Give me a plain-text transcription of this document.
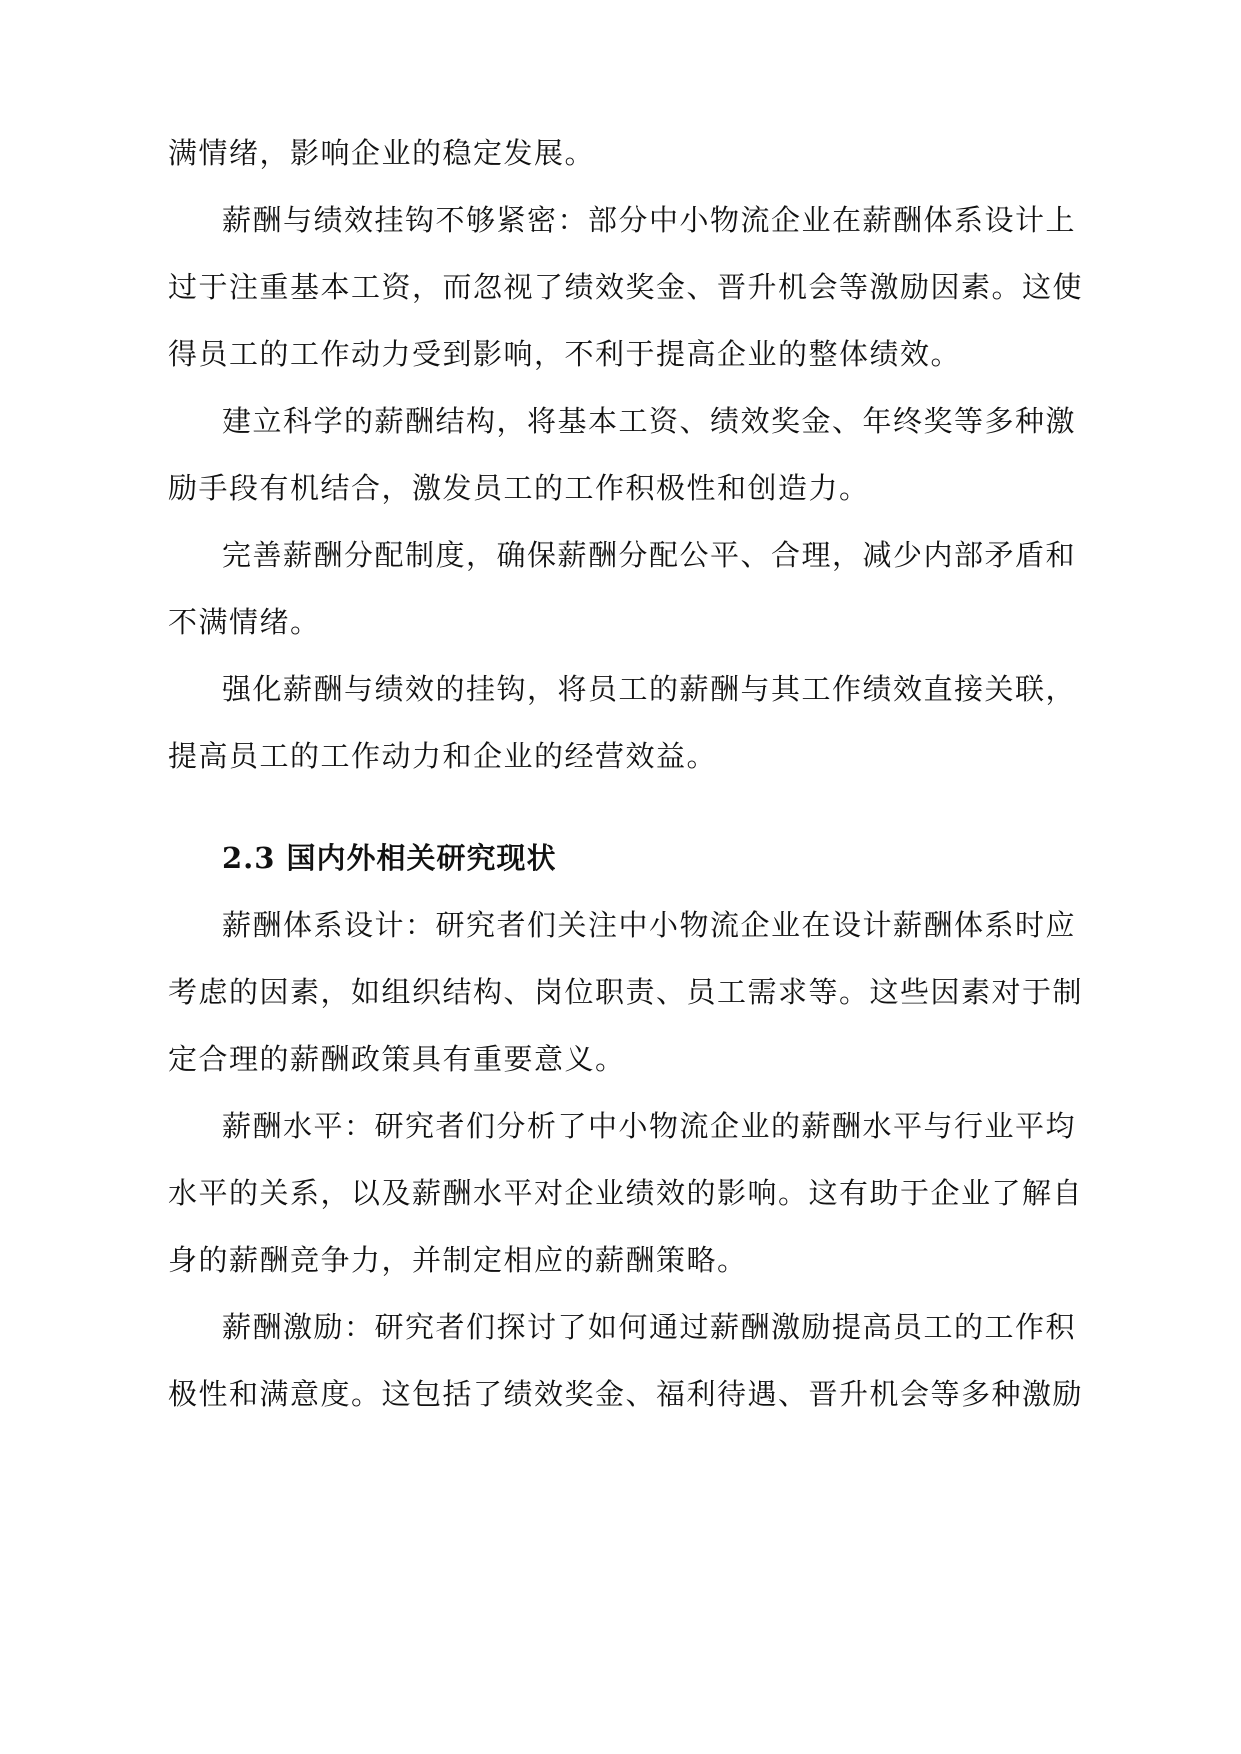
满情绪，影响企业的稳定发展。
薪酬与绩效挂钩不够紧密：部分中小物流企业在薪酬体系设计上
过于注重基本工资，而忽视了绩效奖金、晋升机会等激励因素。这使
得员工的工作动力受到影响，不利于提高企业的整体绩效。
建立科学的薪酬结构，将基本工资、绩效奖金、年终奖等多种激
励手段有机结合，激发员工的工作积极性和创造力。
完善薪酬分配制度，确保薪酬分配公平、合理，减少内部矛盾和
不满情绪。
强化薪酬与绩效的挂钩，将员工的薪酬与其工作绩效直接关联，
提高员工的工作动力和企业的经营效益。
2.3 国内外相关研究现状
薪酬体系设计：研究者们关注中小物流企业在设计薪酬体系时应
考虑的因素，如组织结构、岗位职责、员工需求等。这些因素对于制
定合理的薪酬政策具有重要意义。
薪酬水平：研究者们分析了中小物流企业的薪酬水平与行业平均
水平的关系，以及薪酬水平对企业绩效的影响。这有助于企业了解自
身的薪酬竞争力，并制定相应的薪酬策略。
薪酬激励：研究者们探讨了如何通过薪酬激励提高员工的工作积
极性和满意度。这包括了绩效奖金、福利待遇、晋升机会等多种激励
